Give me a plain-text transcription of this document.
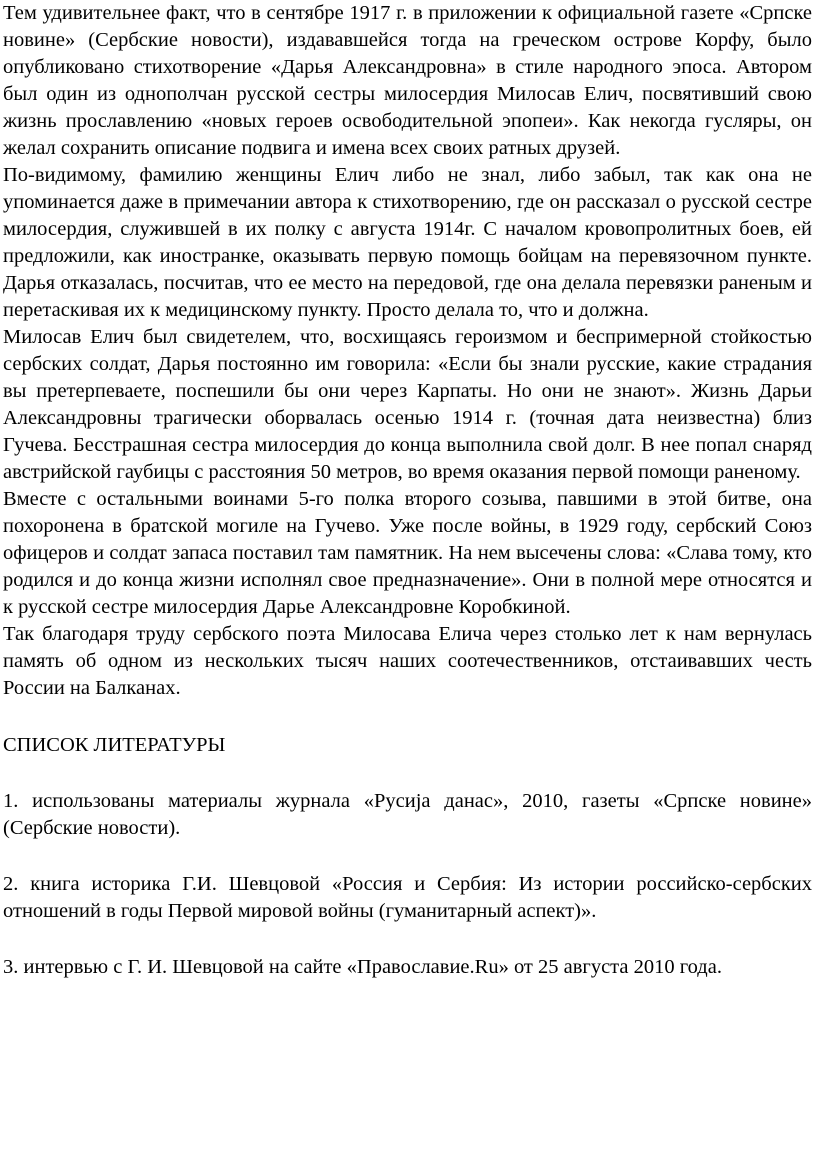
Тем удивительнее факт, что в сентябре 1917 г. в приложении к официальной газете «Српске новине» (Сербские новости), издававшейся тогда на греческом острове Корфу, было опубликовано стихотворение «Дарья Александровна» в стиле народного эпоса. Автором был один из однополчан русской сестры милосердия Милосав Елич, посвятивший свою жизнь прославлению «новых героев освободительной эпопеи». Как некогда гусляры, он желал сохранить описание подвига и имена всех своих ратных друзей.

По-видимому, фамилию женщины Елич либо не знал, либо забыл, так как она не упоминается даже в примечании автора к стихотворению, где он рассказал о русской сестре милосердия, служившей в их полку с августа 1914г. С началом кровопролитных боев, ей предложили, как иностранке, оказывать первую помощь бойцам на перевязочном пункте. Дарья отказалась, посчитав, что ее место на передовой, где она делала перевязки раненым и перетаскивая их к медицинскому пункту. Просто делала то, что и должна.

Милосав Елич был свидетелем, что, восхищаясь героизмом и беспримерной стойкостью сербских солдат, Дарья постоянно им говорила: «Если бы знали русские, какие страдания вы претерпеваете, поспешили бы они через Карпаты. Но они не знают». Жизнь Дарьи Александровны трагически оборвалась осенью 1914 г. (точная дата неизвестна) близ Гучева. Бесстрашная сестра милосердия до конца выполнила свой долг. В нее попал снаряд австрийской гаубицы с расстояния 50 метров, во время оказания первой помощи раненому.

Вместе с остальными воинами 5-го полка второго созыва, павшими в этой битве, она похоронена в братской могиле на Гучево. Уже после войны, в 1929 году, сербский Союз офицеров и солдат запаса поставил там памятник. На нем высечены слова: «Слава тому, кто родился и до конца жизни исполнял свое предназначение». Они в полной мере относятся и к русской сестре милосердия Дарье Александровне Коробкиной.

Так благодаря труду сербского поэта Милосава Елича через столько лет к нам вернулась память об одном из нескольких тысяч наших соотечественников, отстаивавших честь России на Балканах.

СПИСОК ЛИТЕРАТУРЫ
1. использованы материалы журнала «Русија данас», 2010, газеты «Српске новине» (Сербские новости).
2. книга историка Г.И. Шевцовой «Россия и Сербия: Из истории российско-сербских отношений в годы Первой мировой войны (гуманитарный аспект)».
3. интервью с Г. И. Шевцовой на сайте «Православие.Ru» от 25 августа 2010 года.
